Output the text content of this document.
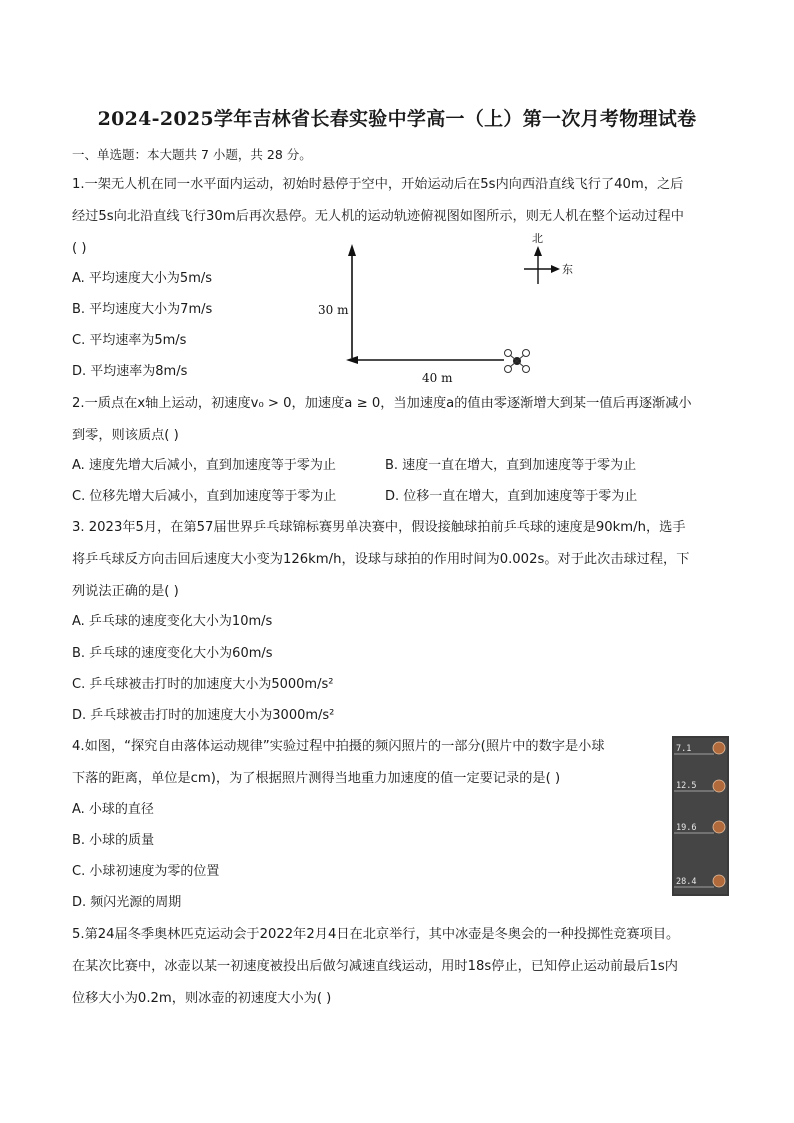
2024-2025学年吉林省长春实验中学高一（上）第一次月考物理试卷
一、单选题：本大题共 7 小题，共 28 分。
1.一架无人机在同一水平面内运动，初始时悬停于空中，开始运动后在5s内向西沿直线飞行了40m，之后
经过5s向北沿直线飞行30m后再次悬停。无人机的运动轨迹俯视图如图所示，则无人机在整个运动过程中
( )
A. 平均速度大小为5m/s
B. 平均速度大小为7m/s
C. 平均速率为5m/s
D. 平均速率为8m/s
北
东
30 m
40 m
2.一质点在x轴上运动，初速度v₀ > 0，加速度a ≥ 0，当加速度a的值由零逐渐增大到某一值后再逐渐减小
到零，则该质点( )
A. 速度先增大后减小，直到加速度等于零为止	B. 速度一直在增大，直到加速度等于零为止
C. 位移先增大后减小，直到加速度等于零为止	D. 位移一直在增大，直到加速度等于零为止
3. 2023年5月，在第57届世界乒乓球锦标赛男单决赛中，假设接触球拍前乒乓球的速度是90km/h，选手
将乒乓球反方向击回后速度大小变为126km/h，设球与球拍的作用时间为0.002s。对于此次击球过程，下
列说法正确的是( )
A. 乒乓球的速度变化大小为10m/s
B. 乒乓球的速度变化大小为60m/s
C. 乒乓球被击打时的加速度大小为5000m/s²
D. 乒乓球被击打时的加速度大小为3000m/s²
4.如图，“探究自由落体运动规律”实验过程中拍摄的频闪照片的一部分(照片中的数字是小球
下落的距离，单位是cm)，为了根据照片测得当地重力加速度的值一定要记录的是( )
A. 小球的直径
B. 小球的质量
C. 小球初速度为零的位置
D. 频闪光源的周期
7.1
12.5
19.6
28.4
5.第24届冬季奥林匹克运动会于2022年2月4日在北京举行，其中冰壶是冬奥会的一种投掷性竞赛项目。
在某次比赛中，冰壶以某一初速度被投出后做匀减速直线运动，用时18s停止，已知停止运动前最后1s内
位移大小为0.2m，则冰壶的初速度大小为( )
